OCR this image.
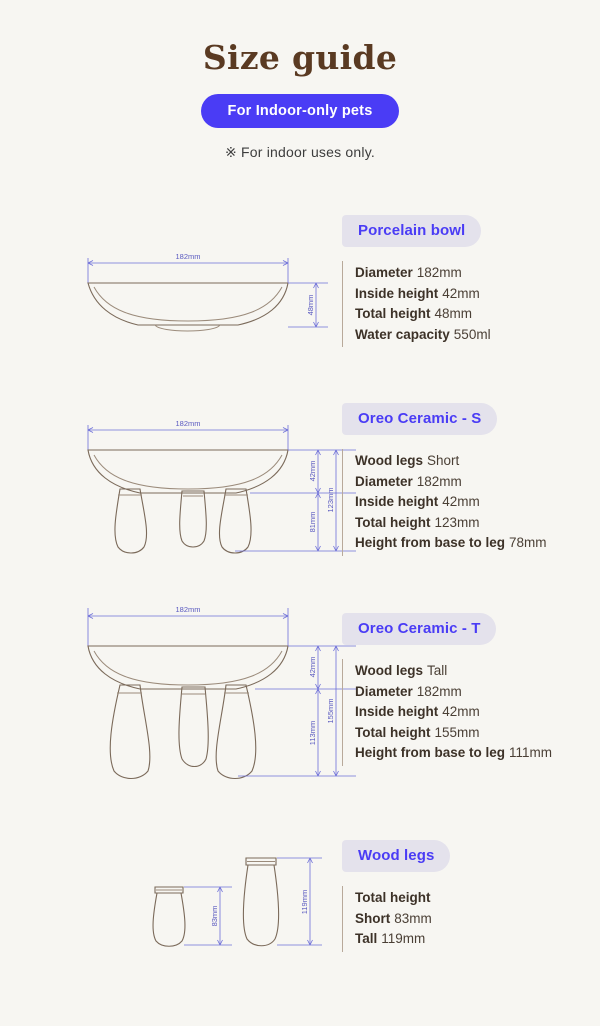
Size guide
For Indoor-only pets
※ For indoor uses only.
182mm
48mm
Porcelain bowl
Diameter 182mm
Inside height 42mm
Total height 48mm
Water capacity 550ml
182mm
42mm
81mm
123mm
Oreo Ceramic - S
Wood legs Short
Diameter 182mm
Inside height 42mm
Total height 123mm
Height from base to leg 78mm
182mm
42mm
113mm
155mm
Oreo Ceramic - T
Wood legs Tall
Diameter 182mm
Inside height 42mm
Total height 155mm
Height from base to leg 111mm
83mm
119mm
Wood legs
Total height
Short 83mm
Tall 119mm
